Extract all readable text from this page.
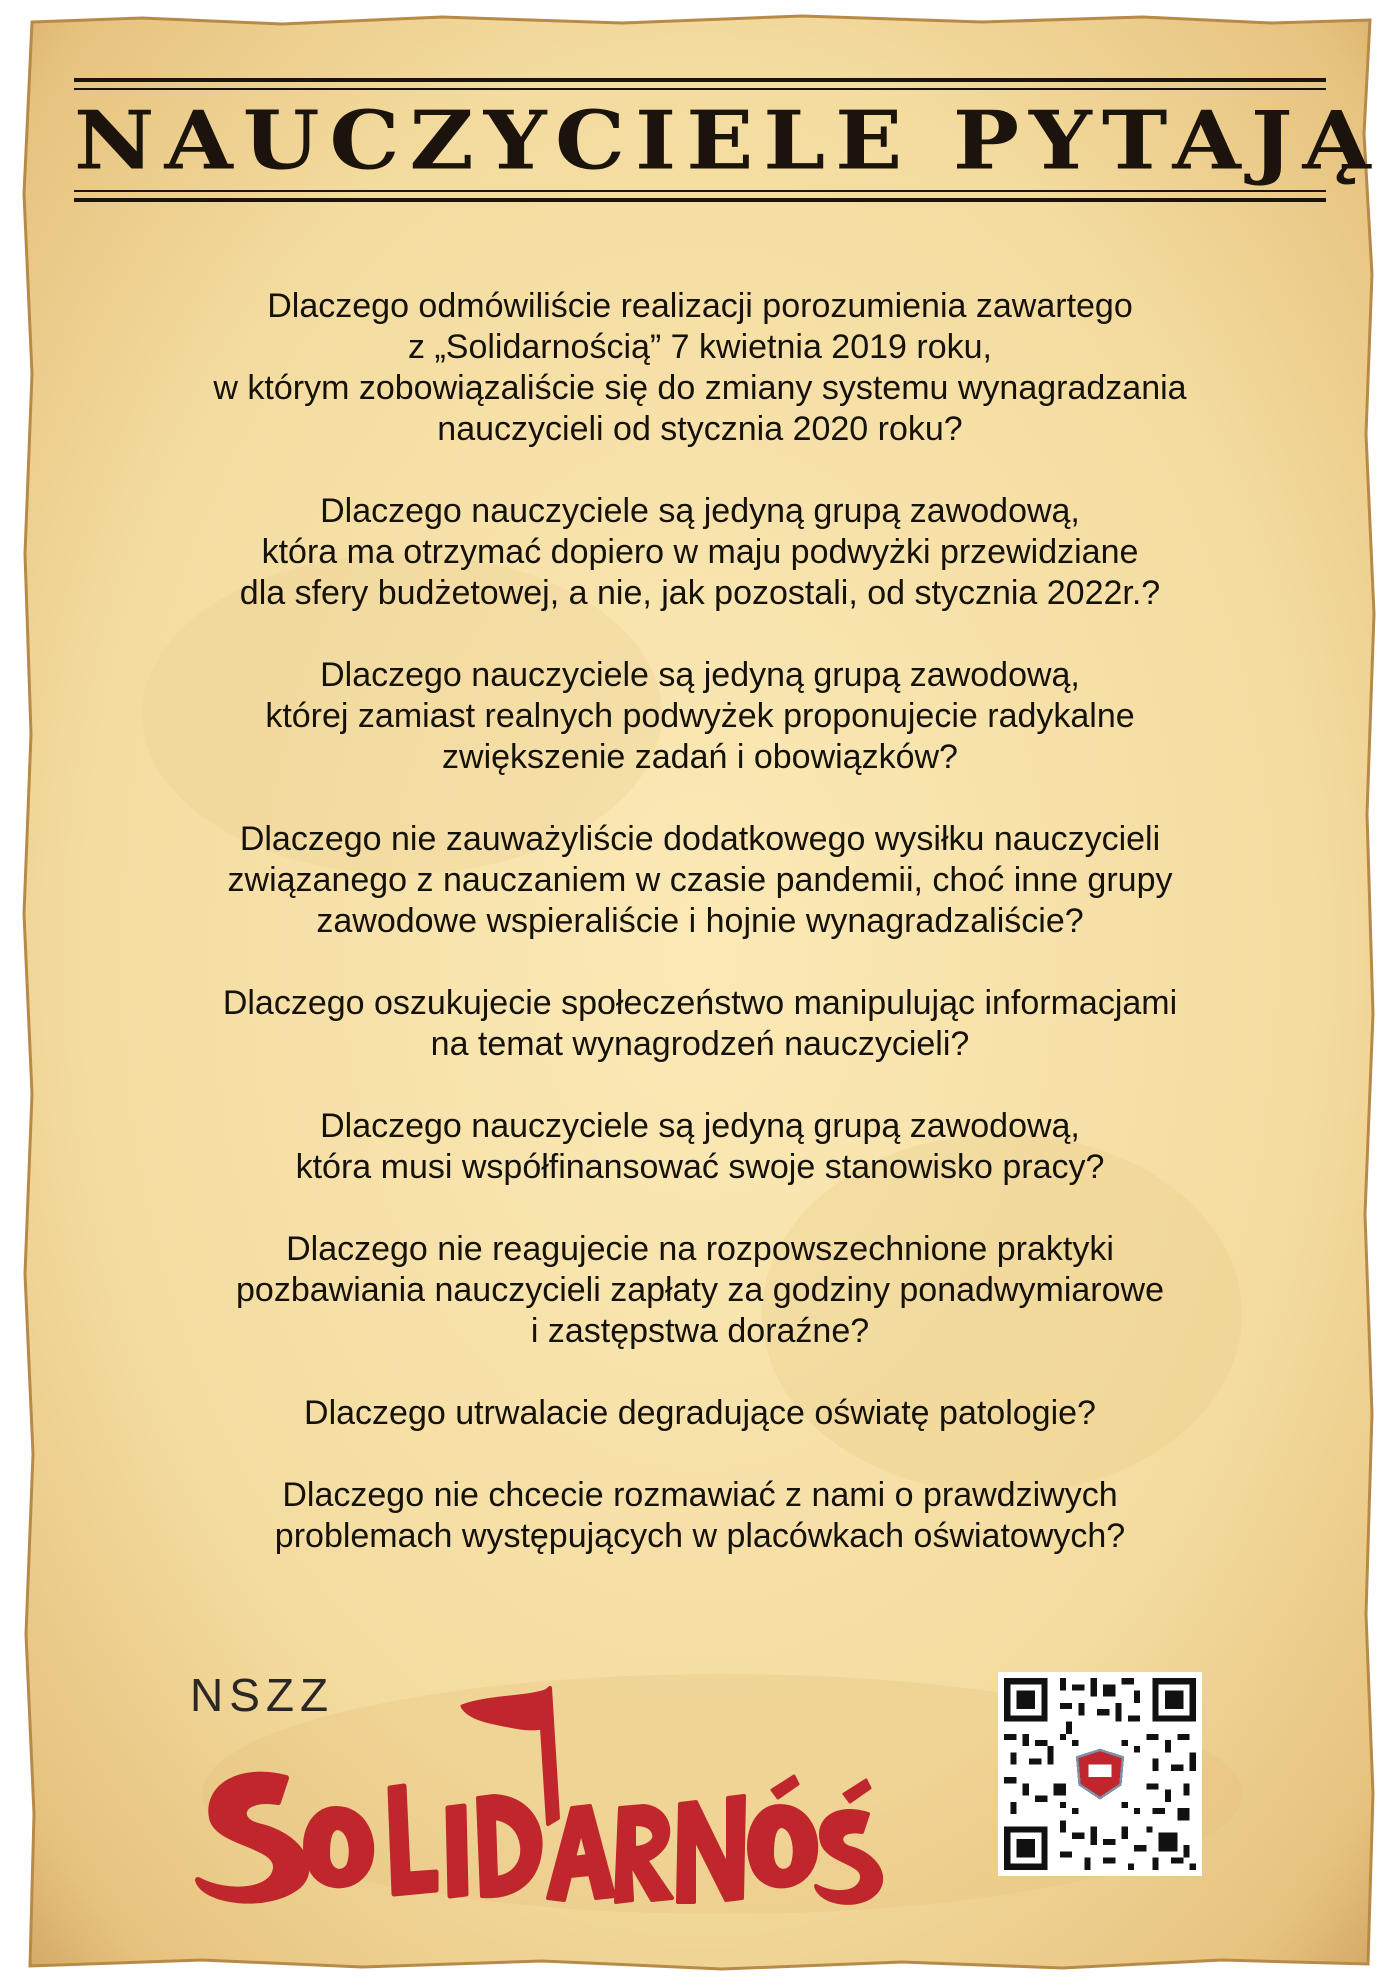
NAUCZYCIELE PYTAJĄ
Dlaczego odmówiliście realizacji porozumienia zawartego
z „Solidarnością” 7 kwietnia 2019 roku,
w którym zobowiązaliście się do zmiany systemu wynagradzania
nauczycieli od stycznia 2020 roku?
Dlaczego nauczyciele są jedyną grupą zawodową,
która ma otrzymać dopiero w maju podwyżki przewidziane
dla sfery budżetowej, a nie, jak pozostali, od stycznia 2022r.?
Dlaczego nauczyciele są jedyną grupą zawodową,
której zamiast realnych podwyżek proponujecie radykalne
zwiększenie zadań i obowiązków?
Dlaczego nie zauważyliście dodatkowego wysiłku nauczycieli
związanego z nauczaniem w czasie pandemii, choć inne grupy
zawodowe wspieraliście i hojnie wynagradzaliście?
Dlaczego oszukujecie społeczeństwo manipulując informacjami
na temat wynagrodzeń nauczycieli?
Dlaczego nauczyciele są jedyną grupą zawodową,
która musi współfinansować swoje stanowisko pracy?
Dlaczego nie reagujecie na rozpowszechnione praktyki
pozbawiania nauczycieli zapłaty za godziny ponadwymiarowe
i zastępstwa doraźne?
Dlaczego utrwalacie degradujące oświatę patologie?
Dlaczego nie chcecie rozmawiać z nami o prawdziwych
problemach występujących w placówkach oświatowych?
NSZZ
